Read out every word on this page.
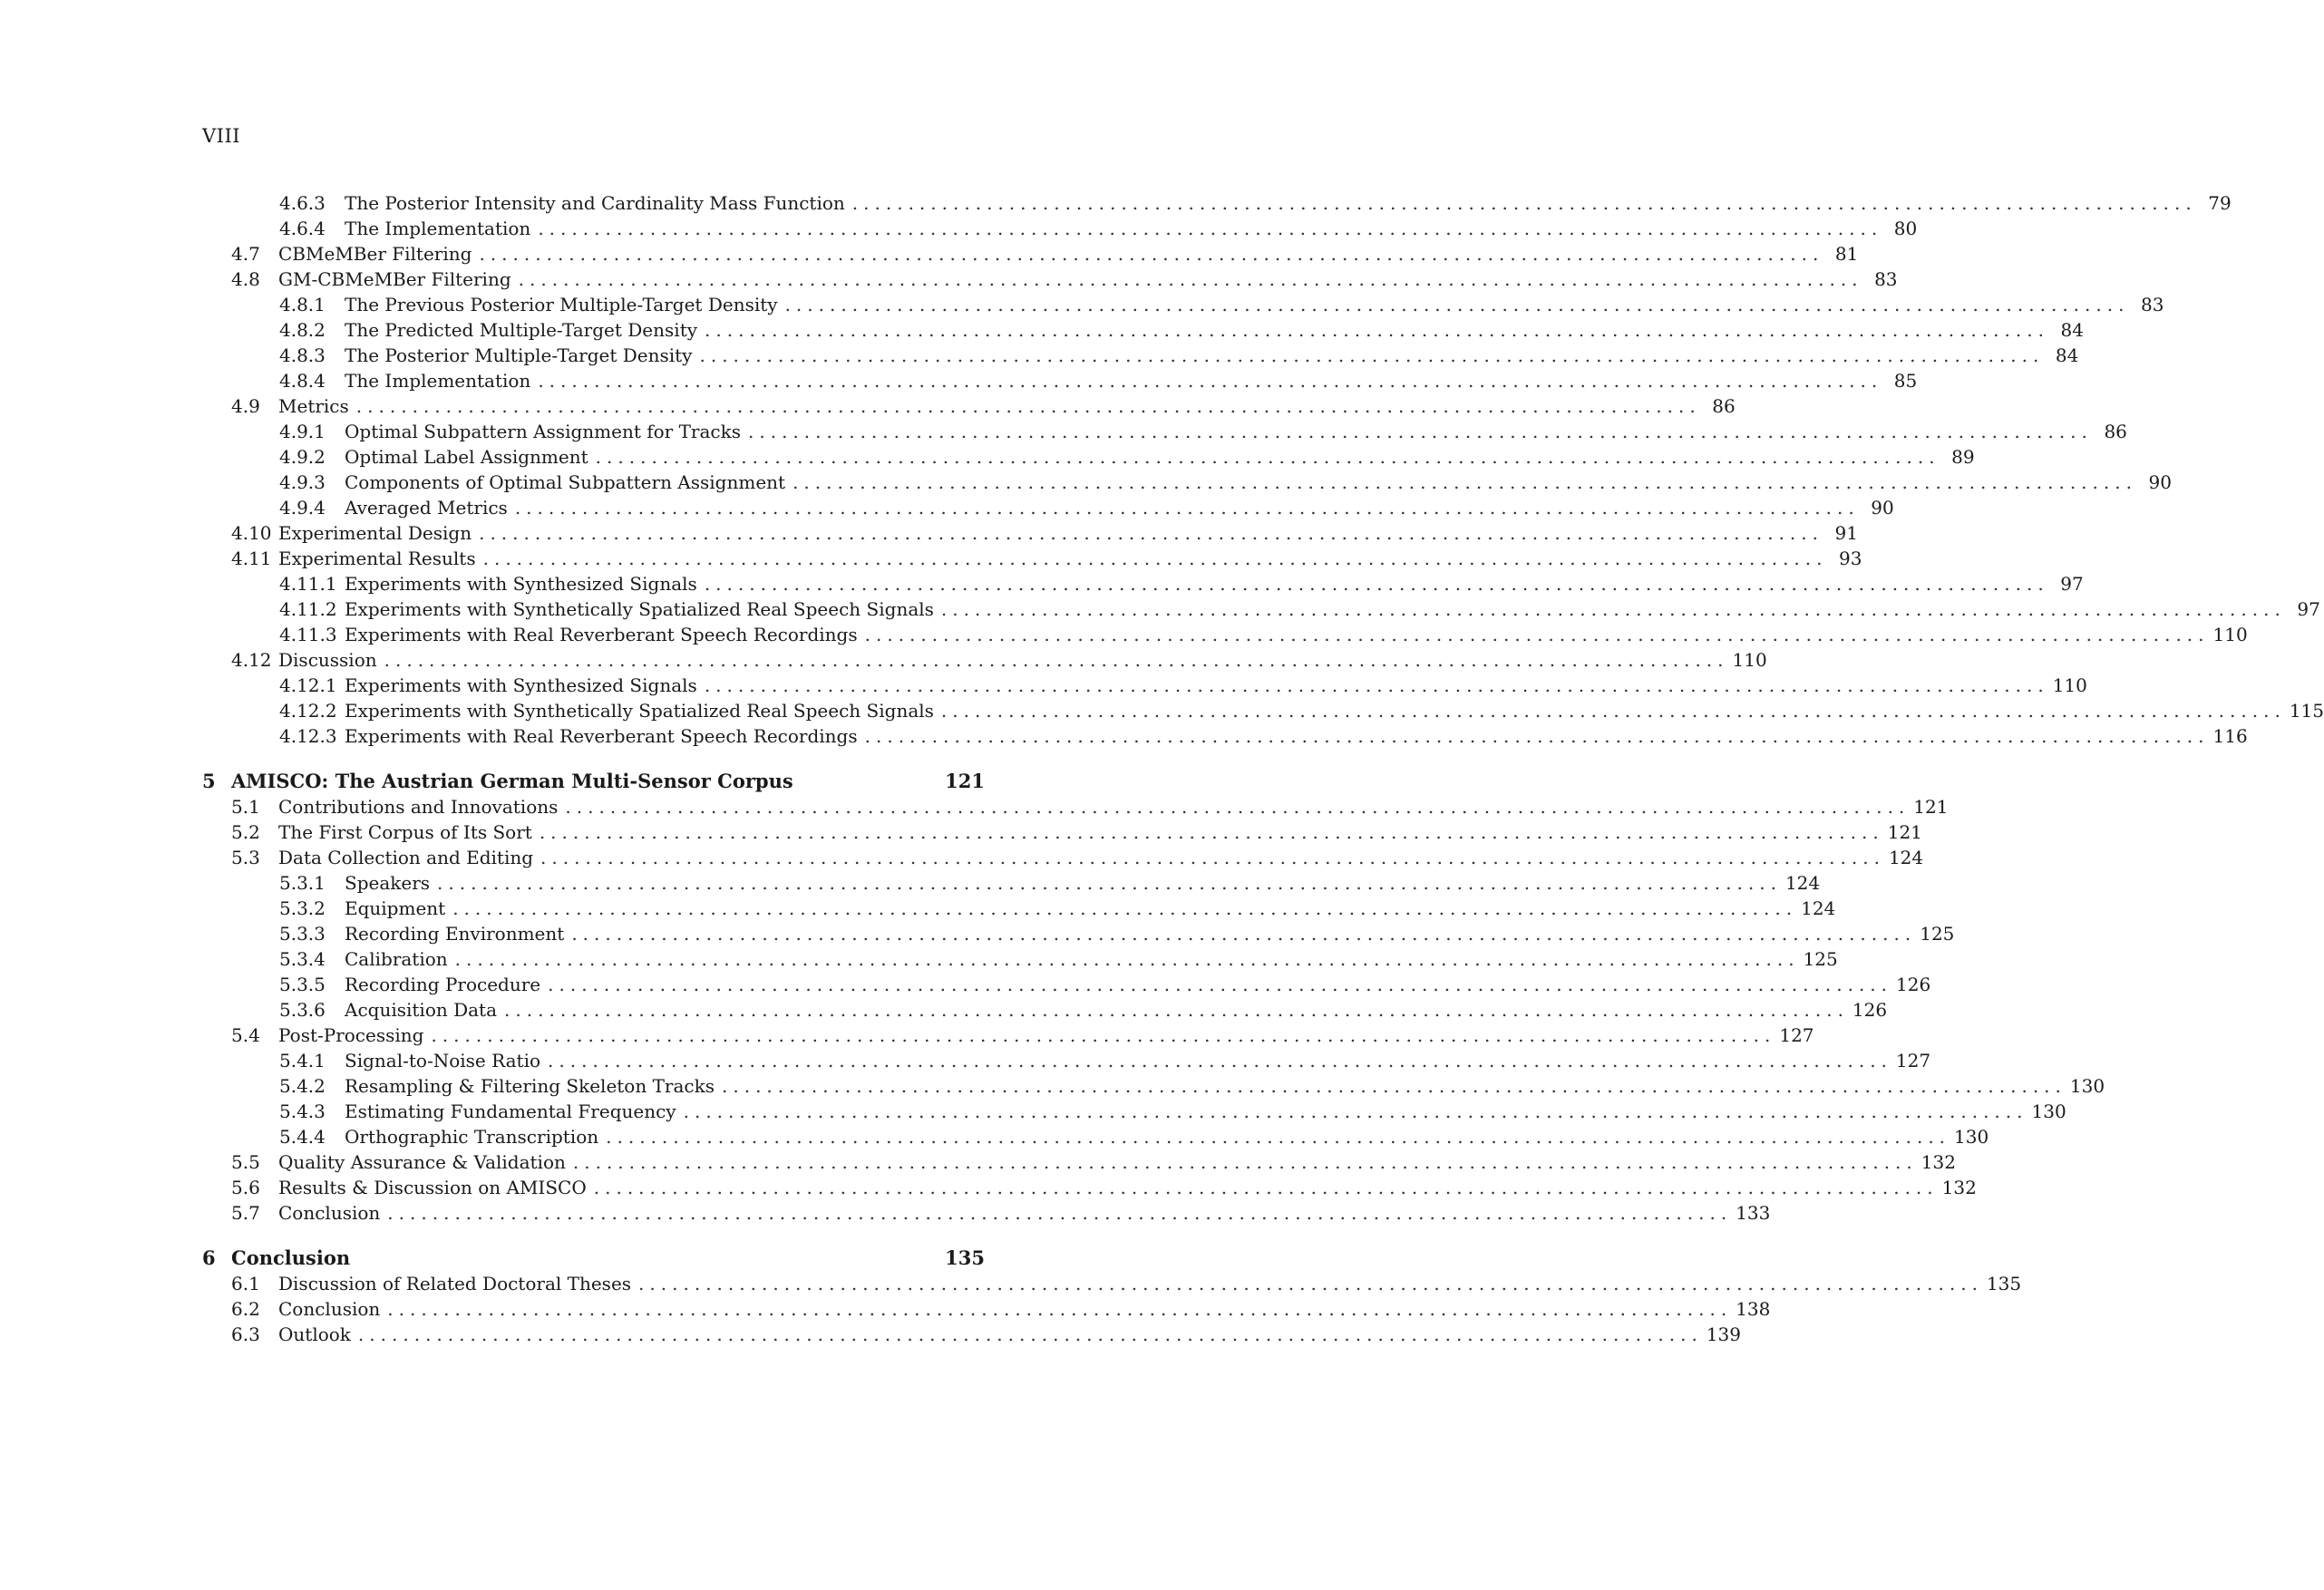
VIII
4.6.3	The Posterior Intensity and Cardinality Mass Function ........................................................................................................................ 79
4.6.4	The Implementation ........................................................................................................................ 80
4.7	CBMeMBer Filtering ........................................................................................................................ 81
4.8	GM-CBMeMBer Filtering ........................................................................................................................ 83
4.8.1	The Previous Posterior Multiple-Target Density ........................................................................................................................ 83
4.8.2	The Predicted Multiple-Target Density ........................................................................................................................ 84
4.8.3	The Posterior Multiple-Target Density ........................................................................................................................ 84
4.8.4	The Implementation ........................................................................................................................ 85
4.9	Metrics ........................................................................................................................ 86
4.9.1	Optimal Subpattern Assignment for Tracks ........................................................................................................................ 86
4.9.2	Optimal Label Assignment ........................................................................................................................ 89
4.9.3	Components of Optimal Subpattern Assignment ........................................................................................................................ 90
4.9.4	Averaged Metrics ........................................................................................................................ 90
4.10 Experimental Design ........................................................................................................................ 91
4.11 Experimental Results ........................................................................................................................ 93
4.11.1 Experiments with Synthesized Signals ........................................................................................................................ 97
4.11.2 Experiments with Synthetically Spatialized Real Speech Signals ........................................................................................................................ 97
4.11.3 Experiments with Real Reverberant Speech Recordings ........................................................................................................................ 110
4.12 Discussion ........................................................................................................................ 110
4.12.1 Experiments with Synthesized Signals ........................................................................................................................ 110
4.12.2 Experiments with Synthetically Spatialized Real Speech Signals ........................................................................................................................ 115
4.12.3 Experiments with Real Reverberant Speech Recordings ........................................................................................................................ 116
5 AMISCO: The Austrian German Multi-Sensor Corpus	121
5.1	Contributions and Innovations ........................................................................................................................ 121
5.2	The First Corpus of Its Sort ........................................................................................................................ 121
5.3	Data Collection and Editing ........................................................................................................................ 124
5.3.1	Speakers ........................................................................................................................ 124
5.3.2	Equipment ........................................................................................................................ 124
5.3.3	Recording Environment ........................................................................................................................ 125
5.3.4	Calibration ........................................................................................................................ 125
5.3.5	Recording Procedure ........................................................................................................................ 126
5.3.6	Acquisition Data ........................................................................................................................ 126
5.4	Post-Processing ........................................................................................................................ 127
5.4.1	Signal-to-Noise Ratio ........................................................................................................................ 127
5.4.2	Resampling & Filtering Skeleton Tracks ........................................................................................................................ 130
5.4.3	Estimating Fundamental Frequency ........................................................................................................................ 130
5.4.4	Orthographic Transcription ........................................................................................................................ 130
5.5	Quality Assurance & Validation ........................................................................................................................ 132
5.6	Results & Discussion on AMISCO ........................................................................................................................ 132
5.7	Conclusion ........................................................................................................................ 133
6 Conclusion	135
6.1	Discussion of Related Doctoral Theses ........................................................................................................................ 135
6.2	Conclusion ........................................................................................................................ 138
6.3	Outlook ........................................................................................................................ 139
